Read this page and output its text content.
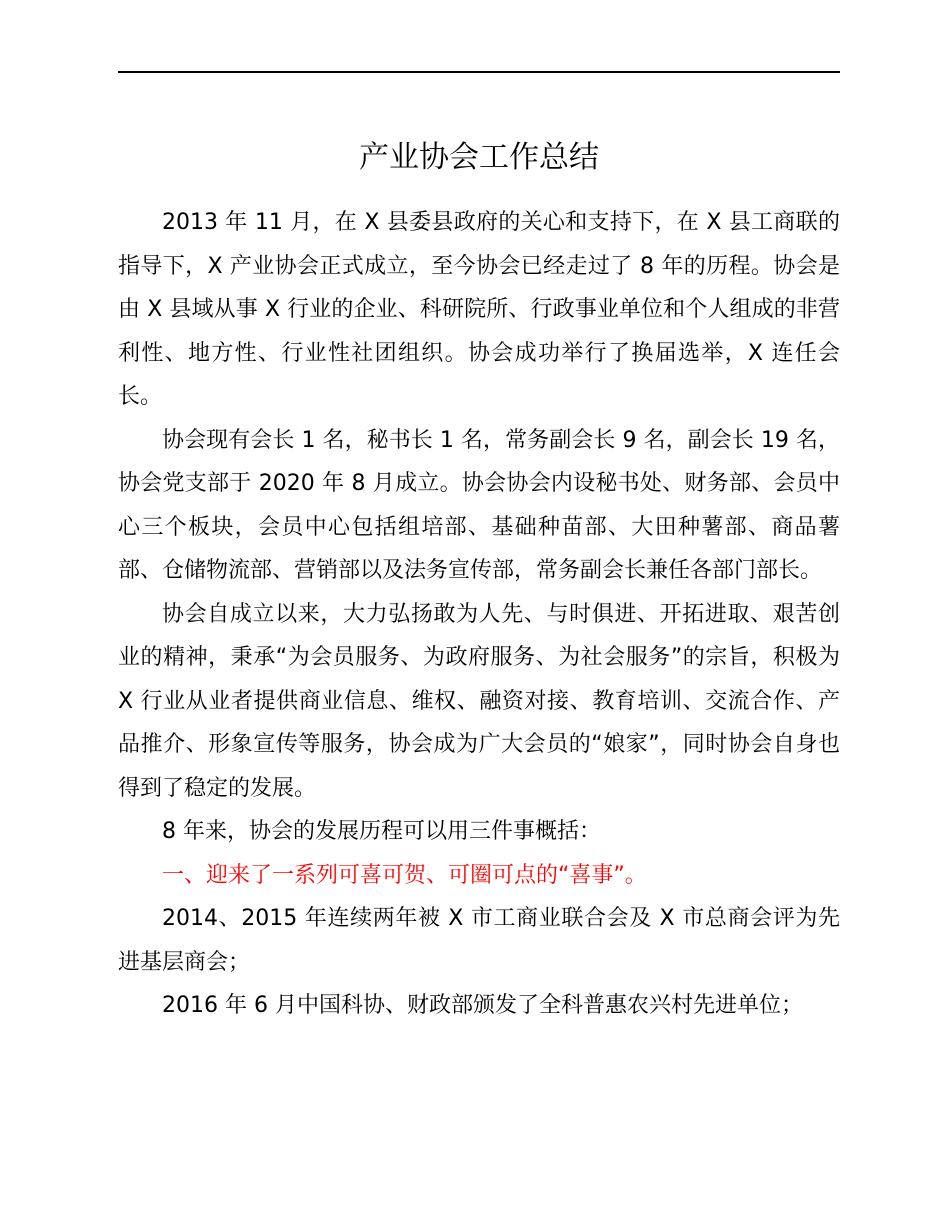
产业协会工作总结

2013 年 11 月，在 X 县委县政府的关心和支持下，在 X 县工商联的指导下，X 产业协会正式成立，至今协会已经走过了 8 年的历程。协会是由 X 县域从事 X 行业的企业、科研院所、行政事业单位和个人组成的非营利性、地方性、行业性社团组织。协会成功举行了换届选举，X 连任会长。

协会现有会长 1 名，秘书长 1 名，常务副会长 9 名，副会长 19 名，协会党支部于 2020 年 8 月成立。协会协会内设秘书处、财务部、会员中心三个板块，会员中心包括组培部、基础种苗部、大田种薯部、商品薯部、仓储物流部、营销部以及法务宣传部，常务副会长兼任各部门部长。

协会自成立以来，大力弘扬敢为人先、与时俱进、开拓进取、艰苦创业的精神，秉承“为会员服务、为政府服务、为社会服务”的宗旨，积极为 X 行业从业者提供商业信息、维权、融资对接、教育培训、交流合作、产品推介、形象宣传等服务，协会成为广大会员的“娘家”，同时协会自身也得到了稳定的发展。

8 年来，协会的发展历程可以用三件事概括：

一、迎来了一系列可喜可贺、可圈可点的“喜事”。

2014、2015 年连续两年被 X 市工商业联合会及 X 市总商会评为先进基层商会；

2016 年 6 月中国科协、财政部颁发了全科普惠农兴村先进单位；
